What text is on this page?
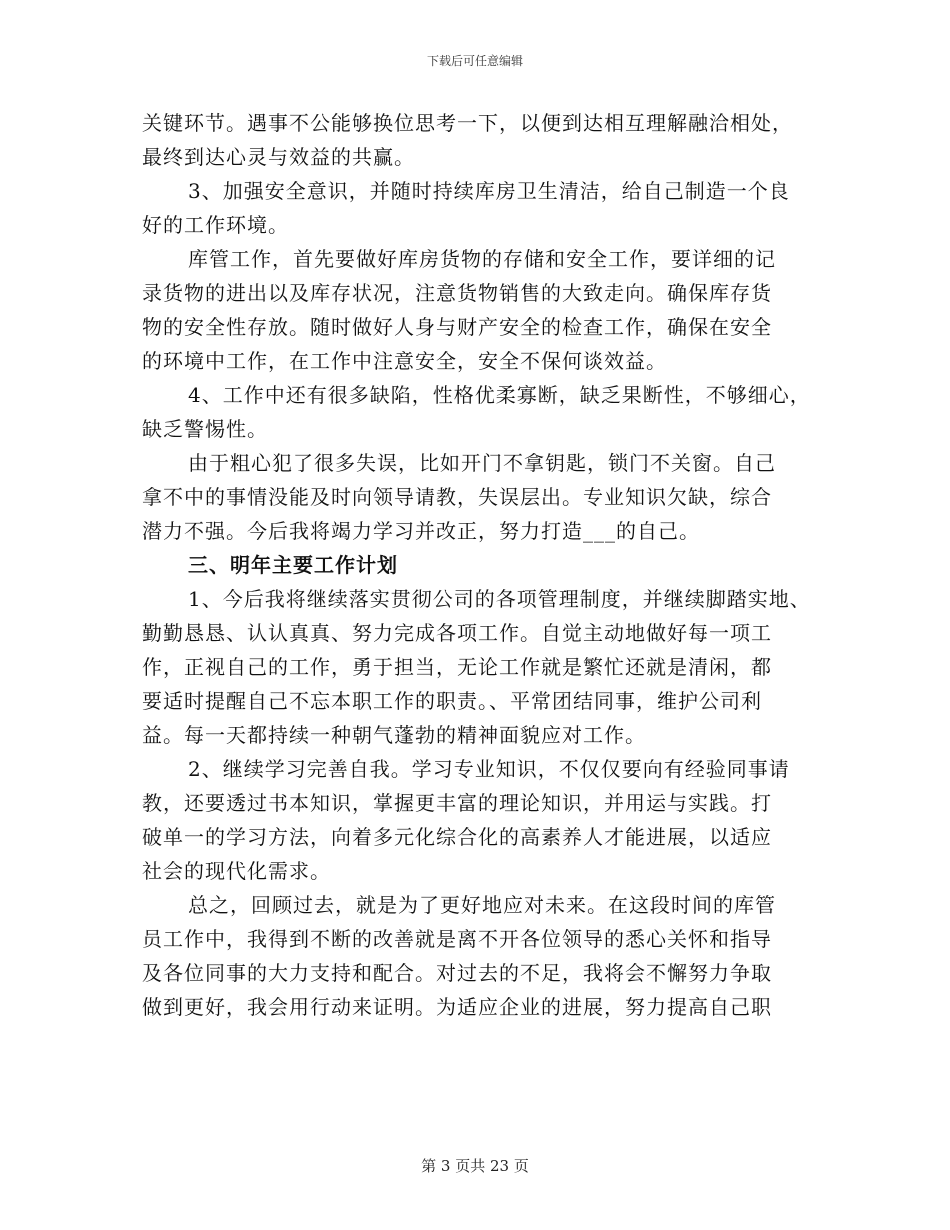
下载后可任意编辑
关键环节。遇事不公能够换位思考一下，以便到达相互理解融洽相处，
最终到达心灵与效益的共赢。
3、加强安全意识，并随时持续库房卫生清洁，给自己制造一个良
好的工作环境。
库管工作，首先要做好库房货物的存储和安全工作，要详细的记
录货物的进出以及库存状况，注意货物销售的大致走向。确保库存货
物的安全性存放。随时做好人身与财产安全的检查工作，确保在安全
的环境中工作，在工作中注意安全，安全不保何谈效益。
4、工作中还有很多缺陷，性格优柔寡断，缺乏果断性，不够细心，
缺乏警惕性。
由于粗心犯了很多失误，比如开门不拿钥匙，锁门不关窗。自己
拿不中的事情没能及时向领导请教，失误层出。专业知识欠缺，综合
潜力不强。今后我将竭力学习并改正，努力打造___的自己。
三、明年主要工作计划
1、今后我将继续落实贯彻公司的各项管理制度，并继续脚踏实地、
勤勤恳恳、认认真真、努力完成各项工作。自觉主动地做好每一项工
作，正视自己的工作，勇于担当，无论工作就是繁忙还就是清闲，都
要适时提醒自己不忘本职工作的职责。、平常团结同事，维护公司利
益。每一天都持续一种朝气蓬勃的精神面貌应对工作。
2、继续学习完善自我。学习专业知识，不仅仅要向有经验同事请
教，还要透过书本知识，掌握更丰富的理论知识，并用运与实践。打
破单一的学习方法，向着多元化综合化的高素养人才能进展，以适应
社会的现代化需求。
总之，回顾过去，就是为了更好地应对未来。在这段时间的库管
员工作中，我得到不断的改善就是离不开各位领导的悉心关怀和指导
及各位同事的大力支持和配合。对过去的不足，我将会不懈努力争取
做到更好，我会用行动来证明。为适应企业的进展，努力提高自己职
第 3 页共 23 页
